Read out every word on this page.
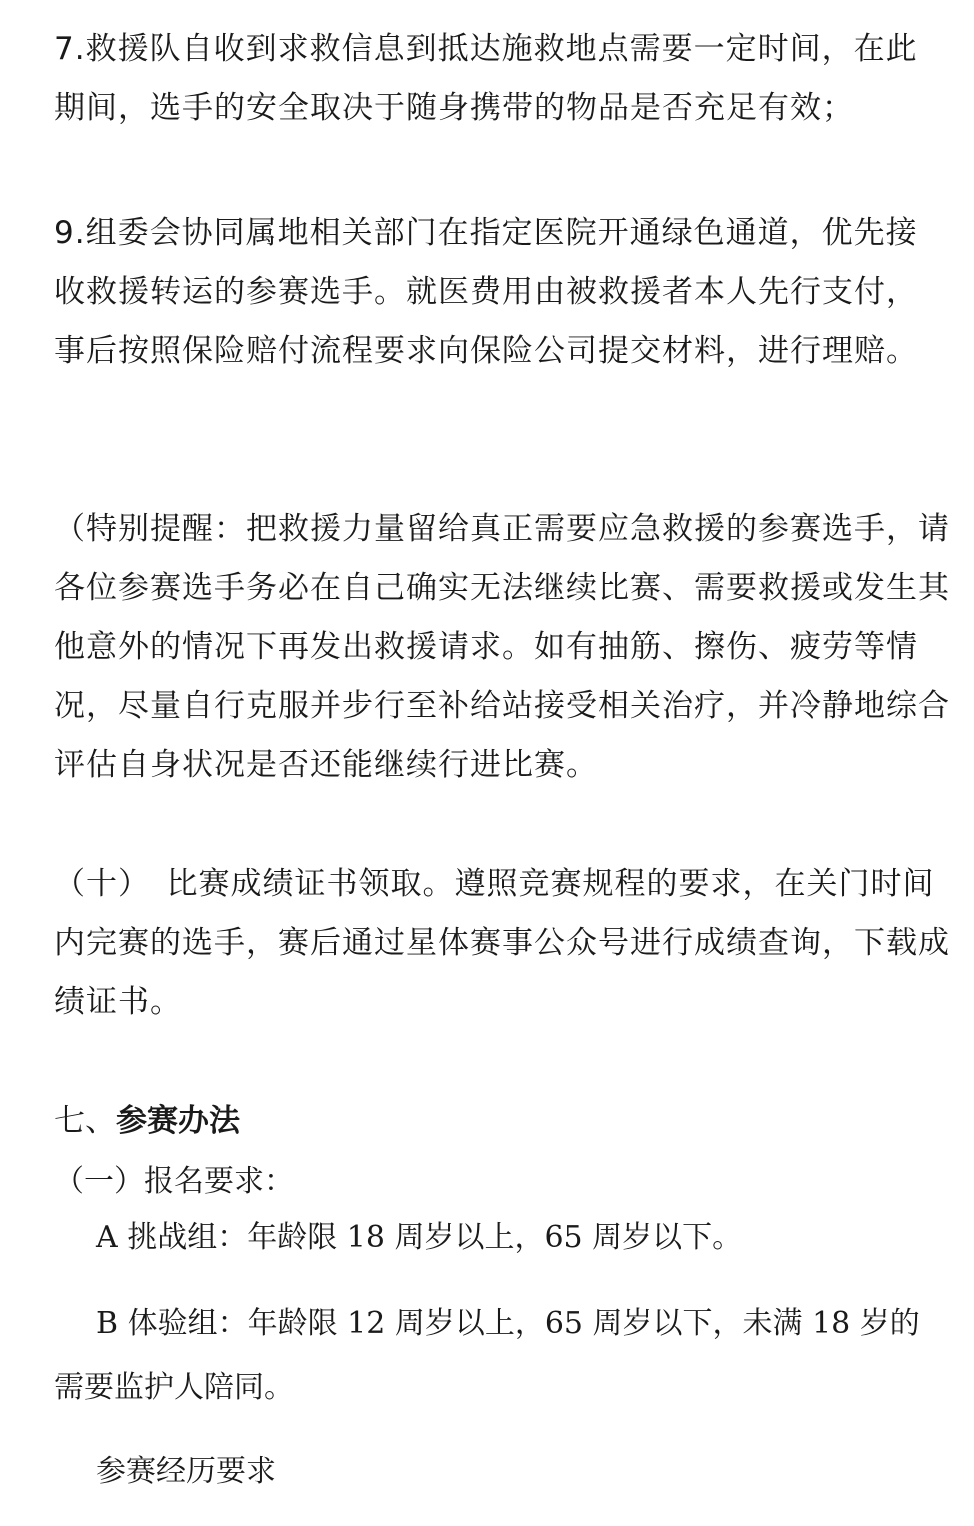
7.救援队自收到求救信息到抵达施救地点需要一定时间，在此期间，选手的安全取决于随身携带的物品是否充足有效；

9.组委会协同属地相关部门在指定医院开通绿色通道，优先接收救援转运的参赛选手。就医费用由被救援者本人先行支付，事后按照保险赔付流程要求向保险公司提交材料，进行理赔。

（特别提醒：把救援力量留给真正需要应急救援的参赛选手，请各位参赛选手务必在自己确实无法继续比赛、需要救援或发生其他意外的情况下再发出救援请求。如有抽筋、擦伤、疲劳等情况，尽量自行克服并步行至补给站接受相关治疗，并冷静地综合评估自身状况是否还能继续行进比赛。

（十）　比赛成绩证书领取。遵照竞赛规程的要求，在关门时间内完赛的选手，赛后通过星体赛事公众号进行成绩查询，下载成绩证书。

七、参赛办法

（一）报名要求：

A 挑战组：年龄限 18 周岁以上，65 周岁以下。

B 体验组：年龄限 12 周岁以上，65 周岁以下，未满 18 岁的需要监护人陪同。

参赛经历要求
